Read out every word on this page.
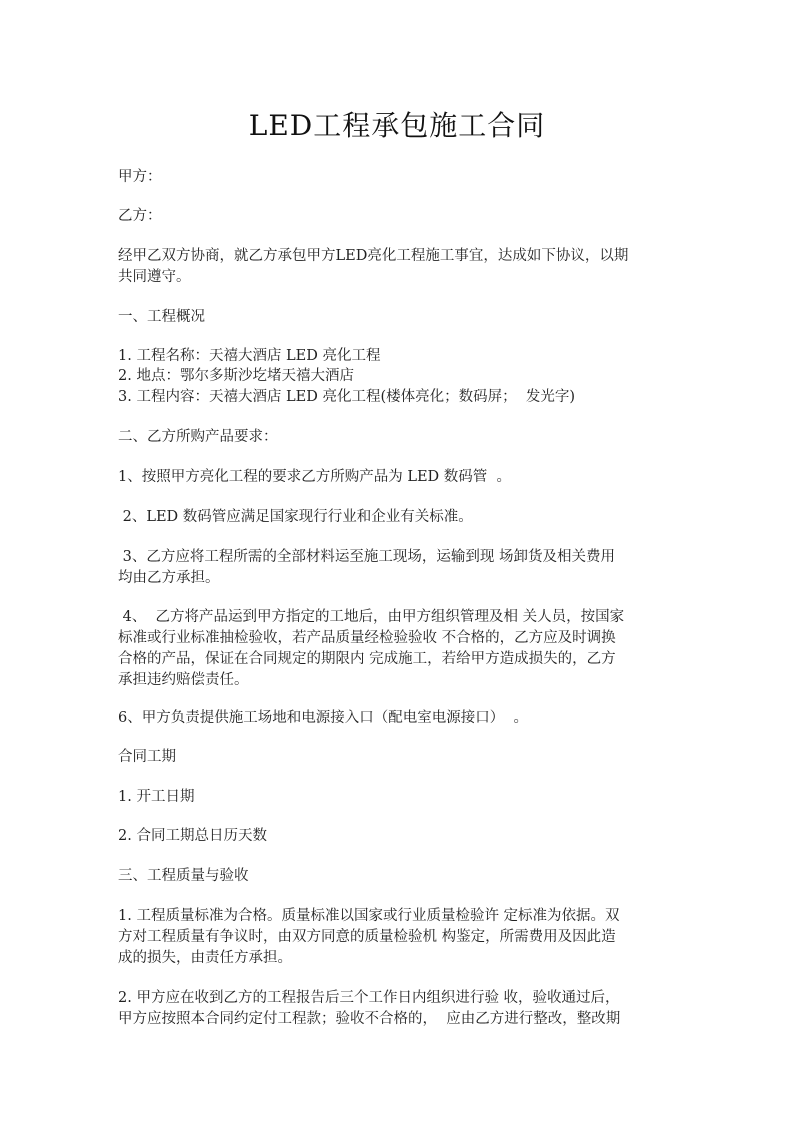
LED工程承包施工合同
甲方：
乙方：
经甲乙双方协商，就乙方承包甲方LED亮化工程施工事宜，达成如下协议，以期
共同遵守。
一、工程概况
1. 工程名称：天禧大酒店 LED 亮化工程
2. 地点：鄂尔多斯沙圪堵天禧大酒店
3. 工程内容：天禧大酒店 LED 亮化工程(楼体亮化；数码屏；  发光字)
二、乙方所购产品要求：
1、按照甲方亮化工程的要求乙方所购产品为 LED 数码管  。
2、LED 数码管应满足国家现行行业和企业有关标准。
3、乙方应将工程所需的全部材料运至施工现场，运输到现 场卸货及相关费用
均由乙方承担。
4、  乙方将产品运到甲方指定的工地后，由甲方组织管理及相 关人员，按国家
标准或行业标准抽检验收，若产品质量经检验验收 不合格的，乙方应及时调换
合格的产品，保证在合同规定的期限内 完成施工，若给甲方造成损失的，乙方
承担违约赔偿责任。
6、甲方负责提供施工场地和电源接入口（配电室电源接口）  。
合同工期
1. 开工日期
2. 合同工期总日历天数
三、工程质量与验收
1. 工程质量标准为合格。质量标准以国家或行业质量检验许 定标准为依据。双
方对工程质量有争议时，由双方同意的质量检验机 构鉴定，所需费用及因此造
成的损失，由责任方承担。
2. 甲方应在收到乙方的工程报告后三个工作日内组织进行验 收，验收通过后，
甲方应按照本合同约定付工程款；验收不合格的，  应由乙方进行整改，整改期
